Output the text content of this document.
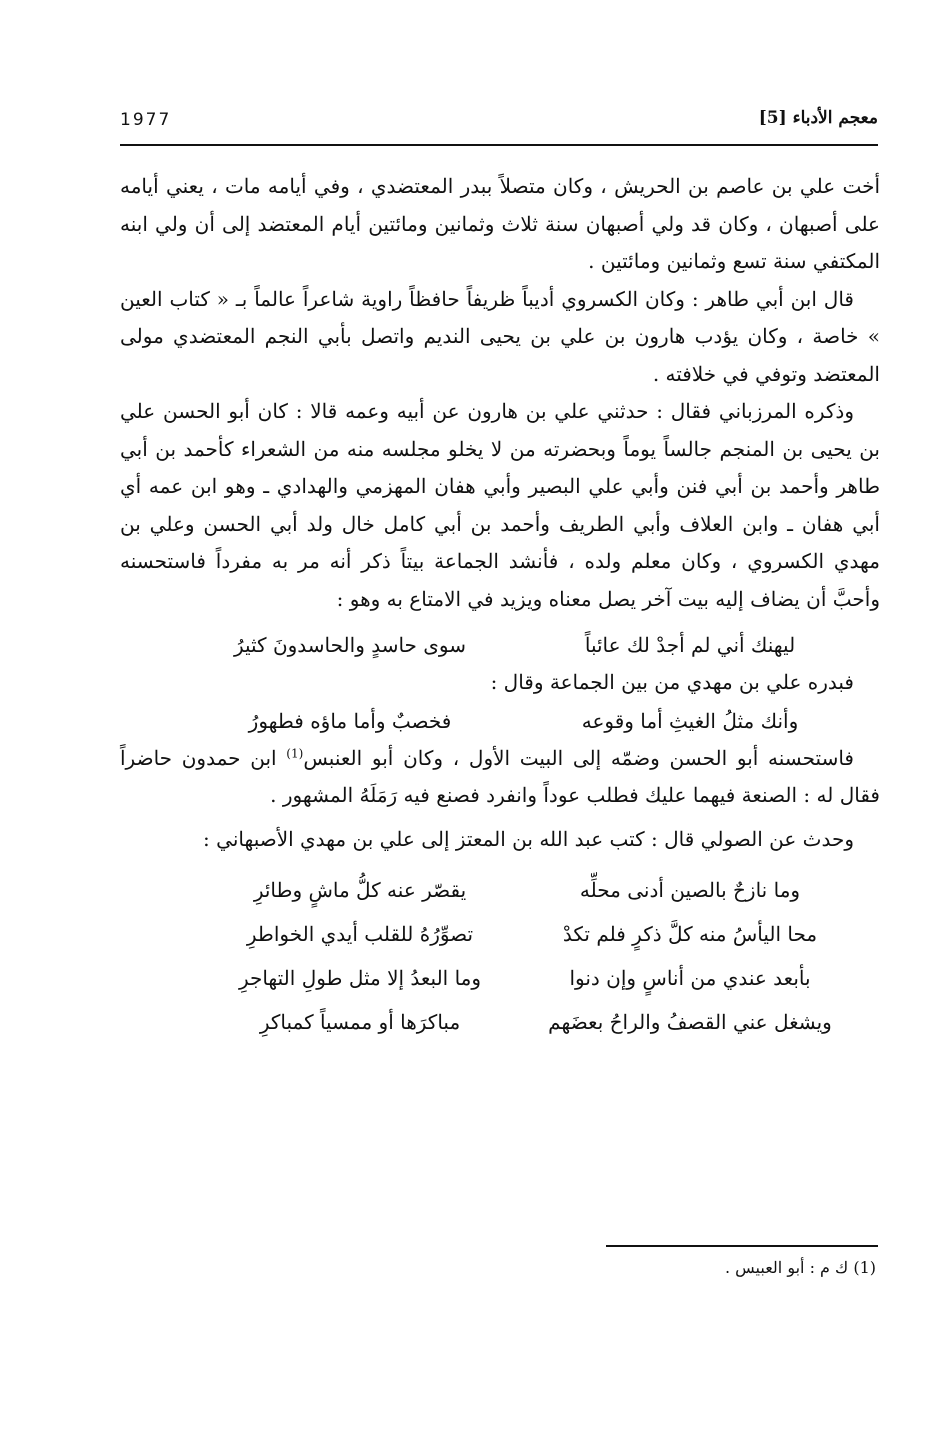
1977	معجم الأدباء [5]

أخت علي بن عاصم بن الحريش ، وكان متصلاً ببدر المعتضدي ، وفي أيامه مات ، يعني أيامه على أصبهان ، وكان قد ولي أصبهان سنة ثلاث وثمانين ومائتين أيام المعتضد إلى أن ولي ابنه المكتفي سنة تسع وثمانين ومائتين .

قال ابن أبي طاهر : وكان الكسروي أديباً ظريفاً حافظاً راوية شاعراً عالماً بـ « كتاب العين » خاصة ، وكان يؤدب هارون بن علي بن يحيى النديم واتصل بأبي النجم المعتضدي مولى المعتضد وتوفي في خلافته .

وذكره المرزباني فقال : حدثني علي بن هارون عن أبيه وعمه قالا : كان أبو الحسن علي بن يحيى بن المنجم جالساً يوماً وبحضرته من لا يخلو مجلسه منه من الشعراء كأحمد بن أبي طاهر وأحمد بن أبي فنن وأبي علي البصير وأبي هفان المهزمي والهدادي ـ وهو ابن عمه أي أبي هفان ـ وابن العلاف وأبي الطريف وأحمد بن أبي كامل خال ولد أبي الحسن وعلي بن مهدي الكسروي ، وكان معلم ولده ، فأنشد الجماعة بيتاً ذكر أنه مر به مفرداً فاستحسنه وأحبَّ أن يضاف إليه بيت آخر يصل معناه ويزيد في الامتاع به وهو :

ليهنك أني لم أجدْ لك عائباً
سوى حاسدٍ والحاسدونَ كثيرُ

فبدره علي بن مهدي من بين الجماعة وقال :

وأنك مثلُ الغيثِ أما وقوعه
فخصبٌ وأما ماؤه فطهورُ

فاستحسنه أبو الحسن وضمّه إلى البيت الأول ، وكان أبو العنبس$^{(1)}$ ابن حمدون حاضراً فقال له : الصنعة فيهما عليك فطلب عوداً وانفرد فصنع فيه رَمَلَهُ المشهور .

وحدث عن الصولي قال : كتب عبد الله بن المعتز إلى علي بن مهدي الأصبهاني :

وما نازحٌ بالصين أدنى محلِّه
يقصّر عنه كلُّ ماشٍ وطائرِ
محا اليأسُ منه كلَّ ذكرٍ فلم تكدْ
تصوِّرُهُ للقلب أيدي الخواطرِ
بأبعد عندي من أناسٍ وإن دنوا
وما البعدُ إلا مثل طولِ التهاجرِ
ويشغل عني القصفُ والراحُ بعضَهم
مباكرَها أو ممسياً كمباكرِ
(1) ك م : أبو العبيس .
